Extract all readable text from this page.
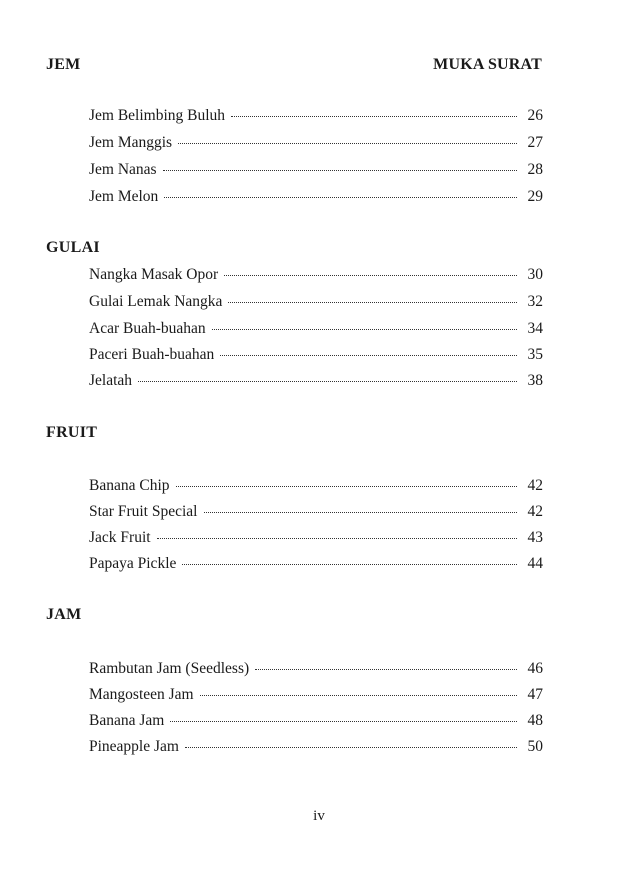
JEM	MUKA SURAT
Jem Belimbing Buluh	26
Jem Manggis	27
Jem Nanas	28
Jem Melon	29
GULAI
Nangka Masak Opor	30
Gulai Lemak Nangka	32
Acar Buah-buahan	34
Paceri Buah-buahan	35
Jelatah	38
FRUIT
Banana Chip	42
Star Fruit Special	42
Jack Fruit	43
Papaya Pickle	44
JAM
Rambutan Jam (Seedless)	46
Mangosteen Jam	47
Banana Jam	48
Pineapple Jam	50
iv
